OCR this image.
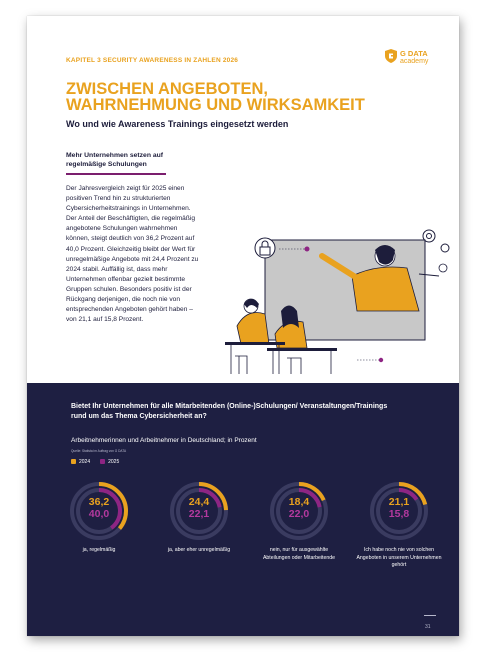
KAPITEL 3 SECURITY AWARENESS IN ZAHLEN 2026
G DATA
academy
ZWISCHEN ANGEBOTEN, WAHRNEHMUNG UND WIRKSAMKEIT
Wo und wie Awareness Trainings eingesetzt werden
Mehr Unternehmen setzen auf regelmäßige Schulungen
Der Jahresvergleich zeigt für 2025 einen positiven Trend hin zu strukturierten Cybersicherheitstrainings in Unternehmen. Der Anteil der Beschäftigten, die regelmäßig angebotene Schulungen wahrnehmen können, steigt deutlich von 36,2 Prozent auf 40,0 Prozent. Gleichzeitig bleibt der Wert für unregelmäßige Angebote mit 24,4 Prozent zu 2024 stabil. Auffällig ist, dass mehr Unternehmen offenbar gezielt bestimmte Gruppen schulen. Besonders positiv ist der Rückgang derjenigen, die noch nie von entsprechenden Angeboten gehört haben – von 21,1 auf 15,8 Prozent.
Bietet Ihr Unternehmen für alle Mitarbeitenden (Online-)Schulungen/ Veranstaltungen/Trainings rund um das Thema Cybersicherheit an?
Arbeitnehmerinnen und Arbeitnehmer in Deutschland; in Prozent
Quelle: Statista im Auftrag von G DATA
2024	2025
36,2
40,0
ja, regelmäßig
24,4
22,1
ja, aber eher unregelmäßig
18,4
22,0
nein, nur für ausgewählte Abteilungen oder Mitarbeitende
21,1
15,8
Ich habe noch nie von solchen Angeboten in unserem Unternehmen gehört
31
